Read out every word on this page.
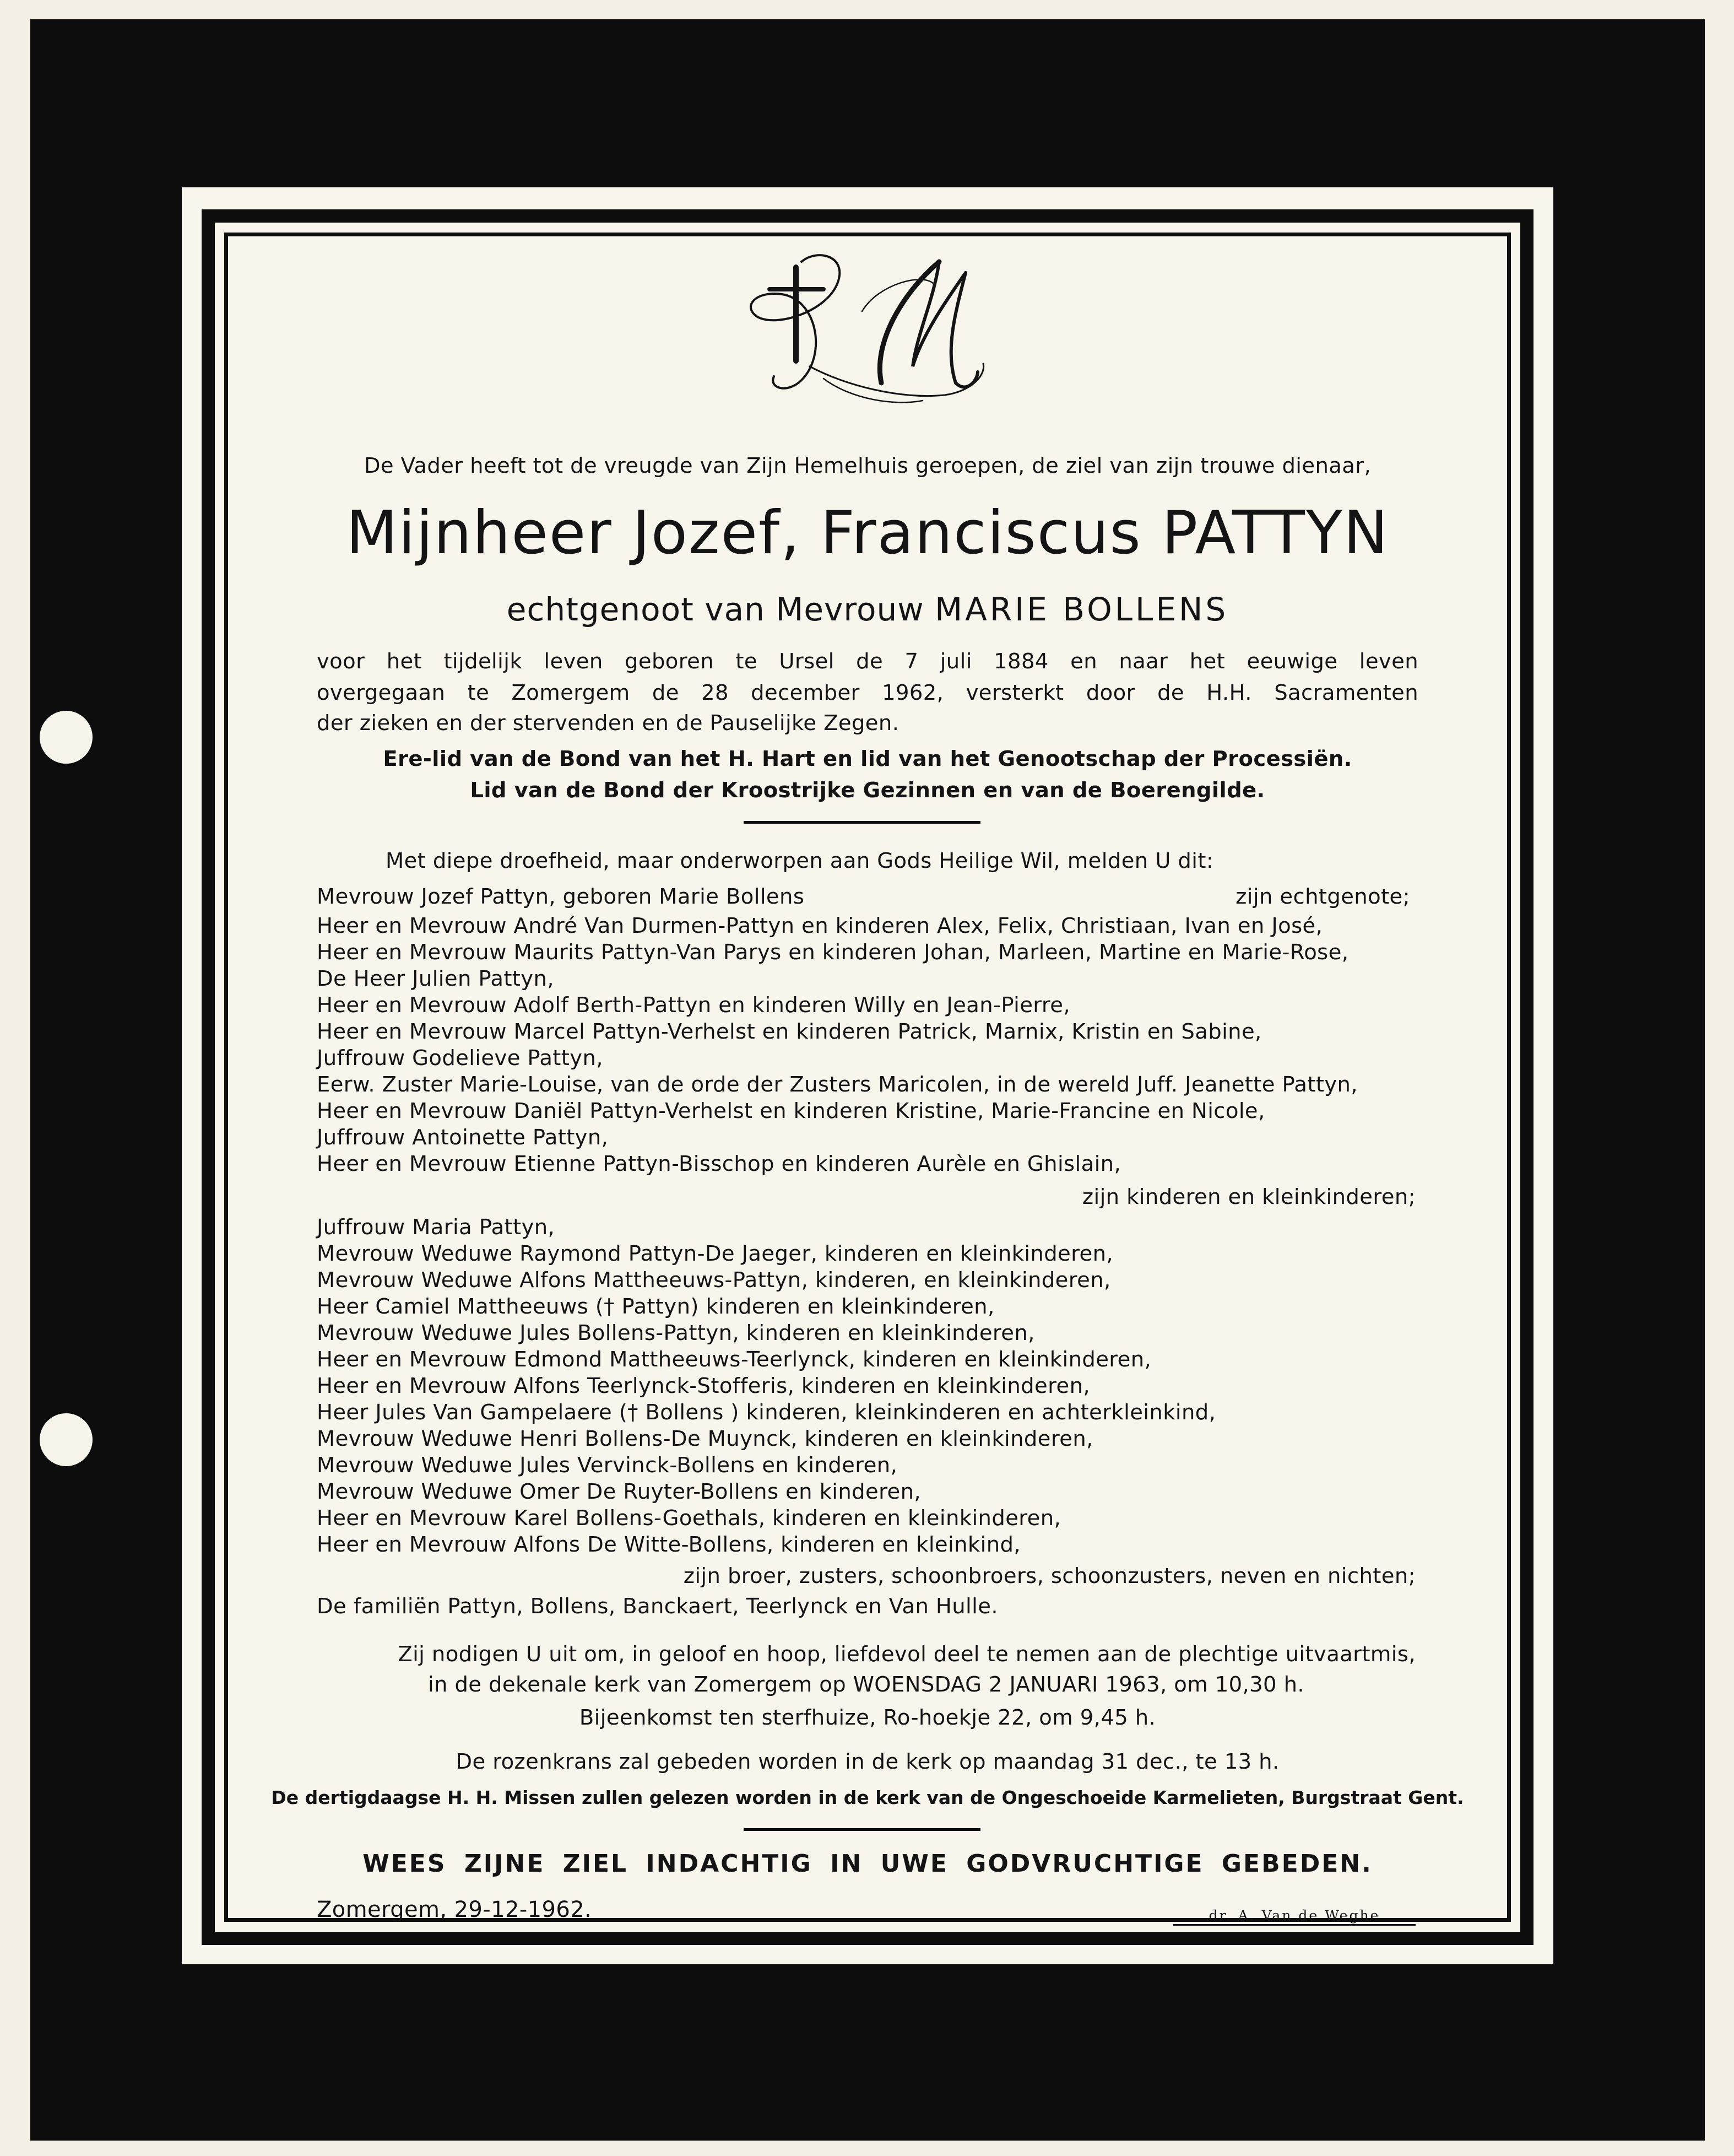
De Vader heeft tot de vreugde van Zijn Hemelhuis geroepen, de ziel van zijn trouwe dienaar,
Mijnheer Jozef, Franciscus PATTYN
echtgenoot van Mevrouw MARIE BOLLENS
voor het tijdelijk leven geboren te Ursel de 7 juli 1884 en naar het eeuwige leven
overgegaan te Zomergem de 28 december 1962, versterkt door de H.H. Sacramenten
der zieken en der stervenden en de Pauselijke Zegen.
Ere-lid van de Bond van het H. Hart en lid van het Genootschap der Processiën.
Lid van de Bond der Kroostrijke Gezinnen en van de Boerengilde.
Met diepe droefheid, maar onderworpen aan Gods Heilige Wil, melden U dit:
Mevrouw Jozef Pattyn, geboren Marie Bollens	zijn echtgenote;
Heer en Mevrouw André Van Durmen-Pattyn en kinderen Alex, Felix, Christiaan, Ivan en José,
Heer en Mevrouw Maurits Pattyn-Van Parys en kinderen Johan, Marleen, Martine en Marie-Rose,
De Heer Julien Pattyn,
Heer en Mevrouw Adolf Berth-Pattyn en kinderen Willy en Jean-Pierre,
Heer en Mevrouw Marcel Pattyn-Verhelst en kinderen Patrick, Marnix, Kristin en Sabine,
Juffrouw Godelieve Pattyn,
Eerw. Zuster Marie-Louise, van de orde der Zusters Maricolen, in de wereld Juff. Jeanette Pattyn,
Heer en Mevrouw Daniël Pattyn-Verhelst en kinderen Kristine, Marie-Francine en Nicole,
Juffrouw Antoinette Pattyn,
Heer en Mevrouw Etienne Pattyn-Bisschop en kinderen Aurèle en Ghislain,
zijn kinderen en kleinkinderen;
Juffrouw Maria Pattyn,
Mevrouw Weduwe Raymond Pattyn-De Jaeger, kinderen en kleinkinderen,
Mevrouw Weduwe Alfons Mattheeuws-Pattyn, kinderen, en kleinkinderen,
Heer Camiel Mattheeuws († Pattyn) kinderen en kleinkinderen,
Mevrouw Weduwe Jules Bollens-Pattyn, kinderen en kleinkinderen,
Heer en Mevrouw Edmond Mattheeuws-Teerlynck, kinderen en kleinkinderen,
Heer en Mevrouw Alfons Teerlynck-Stofferis, kinderen en kleinkinderen,
Heer Jules Van Gampelaere († Bollens ) kinderen, kleinkinderen en achterkleinkind,
Mevrouw Weduwe Henri Bollens-De Muynck, kinderen en kleinkinderen,
Mevrouw Weduwe Jules Vervinck-Bollens en kinderen,
Mevrouw Weduwe Omer De Ruyter-Bollens en kinderen,
Heer en Mevrouw Karel Bollens-Goethals, kinderen en kleinkinderen,
Heer en Mevrouw Alfons De Witte-Bollens, kinderen en kleinkind,
zijn broer, zusters, schoonbroers, schoonzusters, neven en nichten;
De familiën Pattyn, Bollens, Banckaert, Teerlynck en Van Hulle.
Zij nodigen U uit om, in geloof en hoop, liefdevol deel te nemen aan de plechtige uitvaartmis,
in de dekenale kerk van Zomergem op WOENSDAG 2 JANUARI 1963, om 10,30 h.
Bijeenkomst ten sterfhuize, Ro-hoekje 22, om 9,45 h.
De rozenkrans zal gebeden worden in de kerk op maandag 31 dec., te 13 h.
De dertigdaagse H. H. Missen zullen gelezen worden in de kerk van de Ongeschoeide Karmelieten, Burgstraat Gent.
WEES ZIJNE ZIEL INDACHTIG IN UWE GODVRUCHTIGE GEBEDEN.
Zomergem, 29-12-1962.	dr. A. Van de Weghe
